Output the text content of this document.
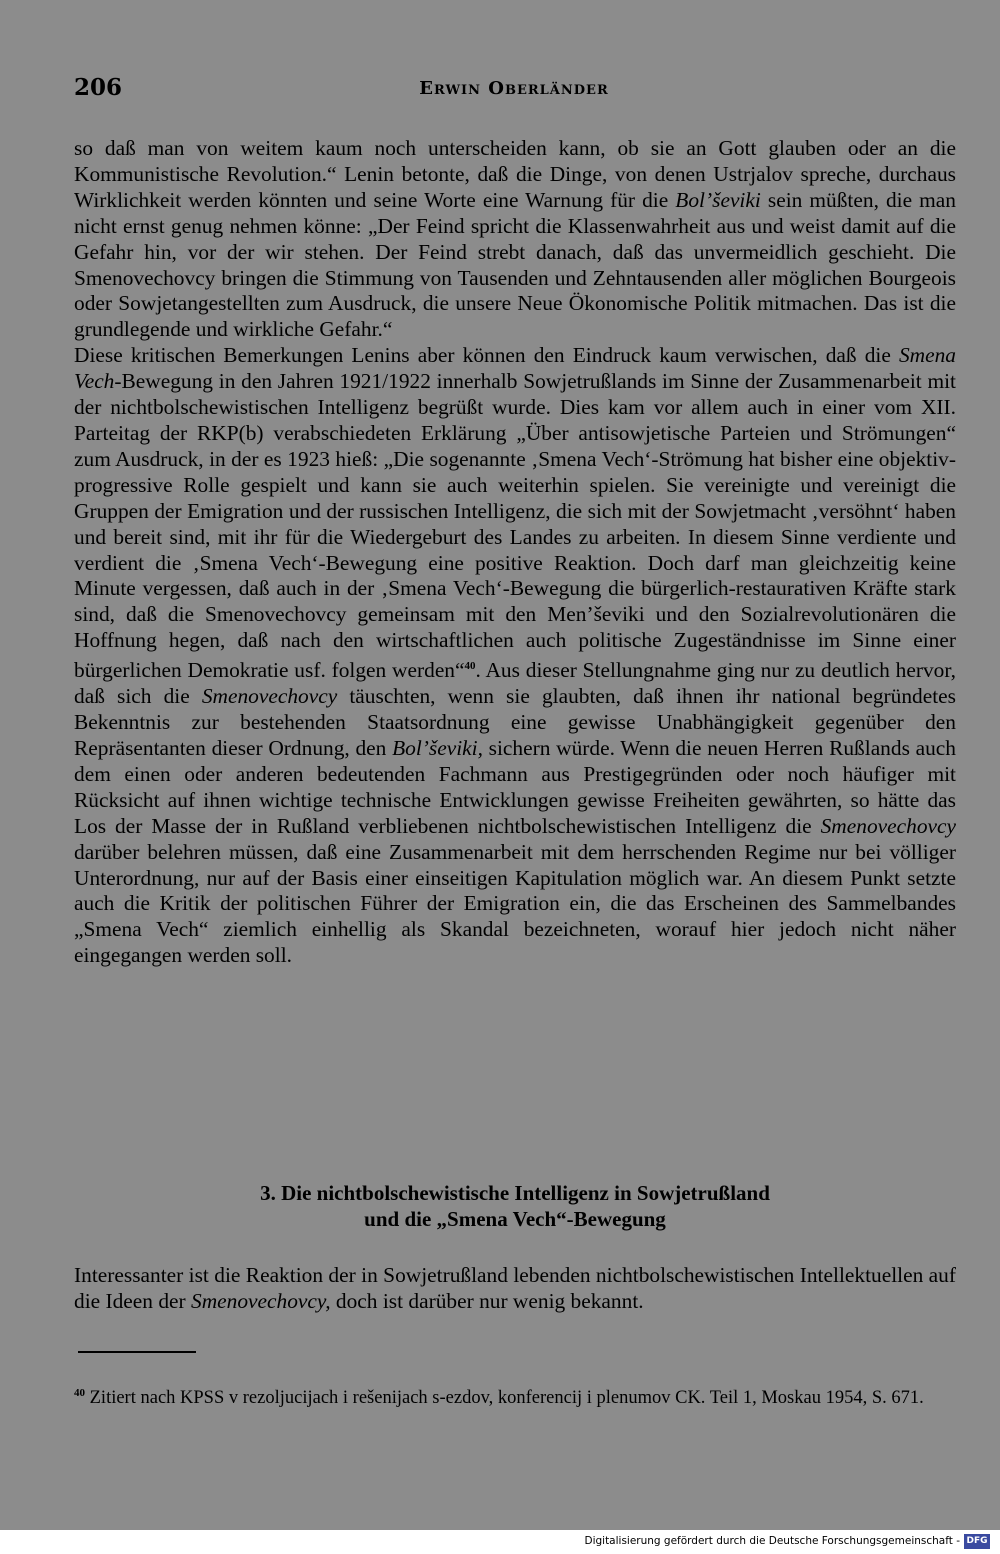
206	Erwin Oberländer

so daß man von weitem kaum noch unterscheiden kann, ob sie an Gott glauben oder an die Kommunistische Revolution.“ Lenin betonte, daß die Dinge, von denen Ustrjalov spreche, durchaus Wirklichkeit werden könnten und seine Worte eine Warnung für die Bol’ševiki sein müßten, die man nicht ernst genug nehmen könne: „Der Feind spricht die Klassenwahrheit aus und weist damit auf die Gefahr hin, vor der wir stehen. Der Feind strebt danach, daß das unvermeidlich geschieht. Die Smenovechovcy bringen die Stimmung von Tausenden und Zehntausenden aller möglichen Bourgeois oder Sowjetangestellten zum Ausdruck, die unsere Neue Ökonomische Politik mitmachen. Das ist die grundlegende und wirkliche Gefahr.“

Diese kritischen Bemerkungen Lenins aber können den Eindruck kaum verwischen, daß die Smena Vech-Bewegung in den Jahren 1921/1922 innerhalb Sowjetrußlands im Sinne der Zusammenarbeit mit der nichtbolschewistischen Intelligenz begrüßt wurde. Dies kam vor allem auch in einer vom XII. Parteitag der RKP(b) verabschiedeten Erklärung „Über antisowjetische Parteien und Strömungen“ zum Ausdruck, in der es 1923 hieß: „Die sogenannte ‚Smena Vech‘-Strömung hat bisher eine objektiv-progressive Rolle gespielt und kann sie auch weiterhin spielen. Sie vereinigte und vereinigt die Gruppen der Emigration und der russischen Intelligenz, die sich mit der Sowjetmacht ‚versöhnt‘ haben und bereit sind, mit ihr für die Wiedergeburt des Landes zu arbeiten. In diesem Sinne verdiente und verdient die ‚Smena Vech‘-Bewegung eine positive Reaktion. Doch darf man gleichzeitig keine Minute vergessen, daß auch in der ‚Smena Vech‘-Bewegung die bürgerlich-restaurativen Kräfte stark sind, daß die Smenovechovcy gemeinsam mit den Men’ševiki und den Sozialrevolutionären die Hoffnung hegen, daß nach den wirtschaftlichen auch politische Zugeständnisse im Sinne einer bürgerlichen Demokratie usf. folgen werden“$^{40}$. Aus dieser Stellungnahme ging nur zu deutlich hervor, daß sich die Smenovechovcy täuschten, wenn sie glaubten, daß ihnen ihr national begründetes Bekenntnis zur bestehenden Staatsordnung eine gewisse Unabhängigkeit gegenüber den Repräsentanten dieser Ordnung, den Bol’ševiki, sichern würde. Wenn die neuen Herren Rußlands auch dem einen oder anderen bedeutenden Fachmann aus Prestigegründen oder noch häufiger mit Rücksicht auf ihnen wichtige technische Entwicklungen gewisse Freiheiten gewährten, so hätte das Los der Masse der in Rußland verbliebenen nichtbolschewistischen Intelligenz die Smenovechovcy darüber belehren müssen, daß eine Zusammenarbeit mit dem herrschenden Regime nur bei völliger Unterordnung, nur auf der Basis einer einseitigen Kapitulation möglich war. An diesem Punkt setzte auch die Kritik der politischen Führer der Emigration ein, die das Erscheinen des Sammelbandes „Smena Vech“ ziemlich einhellig als Skandal bezeichneten, worauf hier jedoch nicht näher eingegangen werden soll.

3. Die nichtbolschewistische Intelligenz in Sowjetrußland
und die „Smena Vech“-Bewegung
Interessanter ist die Reaktion der in Sowjetrußland lebenden nichtbolschewistischen Intellektuellen auf die Ideen der Smenovechovcy, doch ist darüber nur wenig bekannt.
$^{40}$ Zitiert nach KPSS v rezoljucijach i rešenijach s-ezdov, konferencij i plenumov CK. Teil 1, Moskau 1954, S. 671.
Digitalisierung gefördert durch die Deutsche Forschungsgemeinschaft - DFG
